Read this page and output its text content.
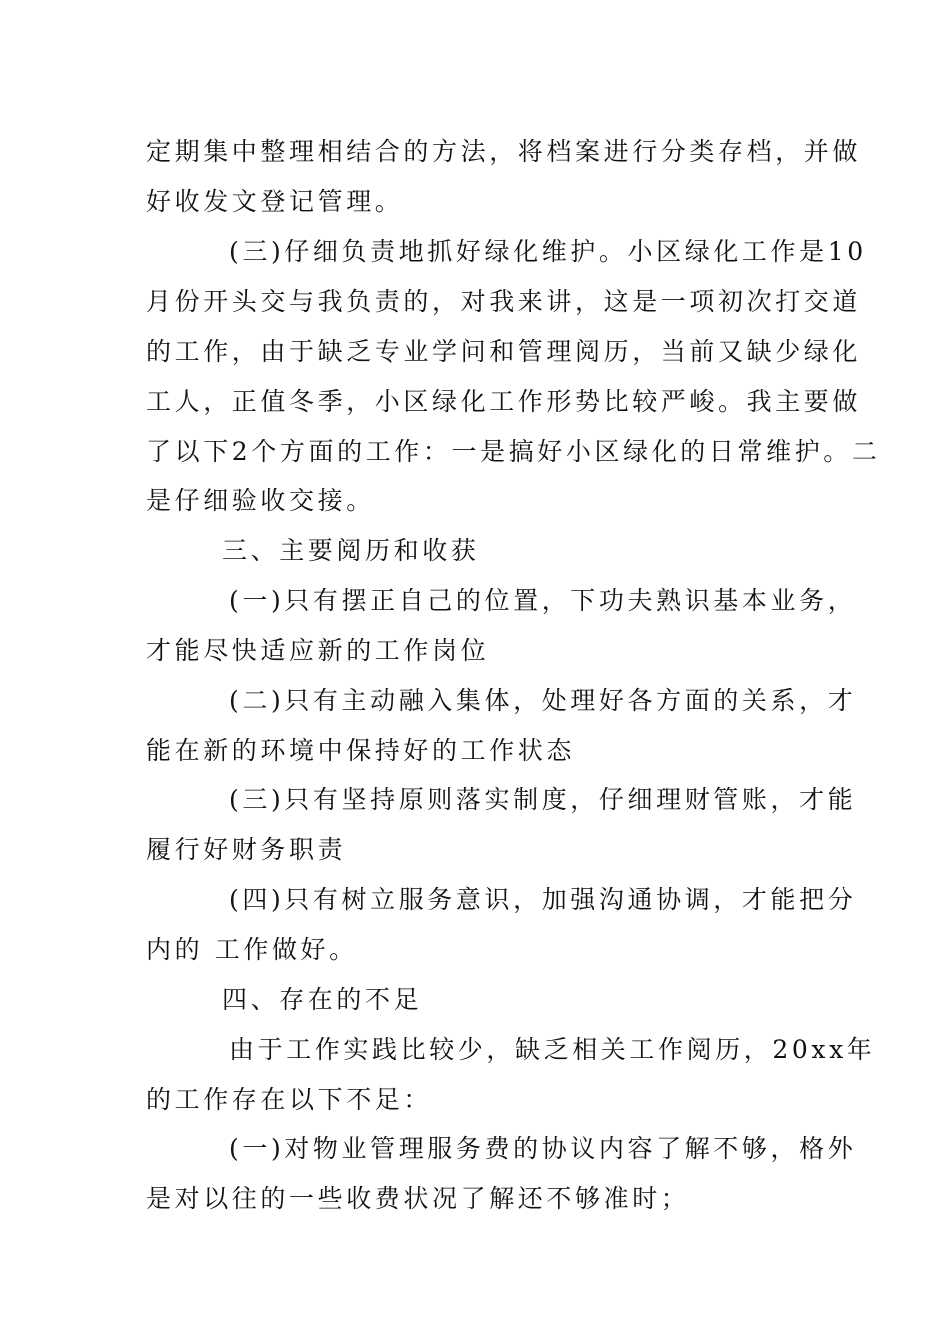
定期集中整理相结合的方法，将档案进行分类存档，并做
好收发文登记管理。
(三)仔细负责地抓好绿化维护。小区绿化工作是10
月份开头交与我负责的，对我来讲，这是一项初次打交道
的工作，由于缺乏专业学问和管理阅历，当前又缺少绿化
工人，正值冬季，小区绿化工作形势比较严峻。我主要做
了以下2个方面的工作：一是搞好小区绿化的日常维护。二
是仔细验收交接。
三、主要阅历和收获
(一)只有摆正自己的位置，下功夫熟识基本业务，
才能尽快适应新的工作岗位
(二)只有主动融入集体，处理好各方面的关系，才
能在新的环境中保持好的工作状态
(三)只有坚持原则落实制度，仔细理财管账，才能
履行好财务职责
(四)只有树立服务意识，加强沟通协调，才能把分
内的 工作做好。
四、存在的不足
由于工作实践比较少，缺乏相关工作阅历，20xx年
的工作存在以下不足：
(一)对物业管理服务费的协议内容了解不够，格外
是对以往的一些收费状况了解还不够准时；
